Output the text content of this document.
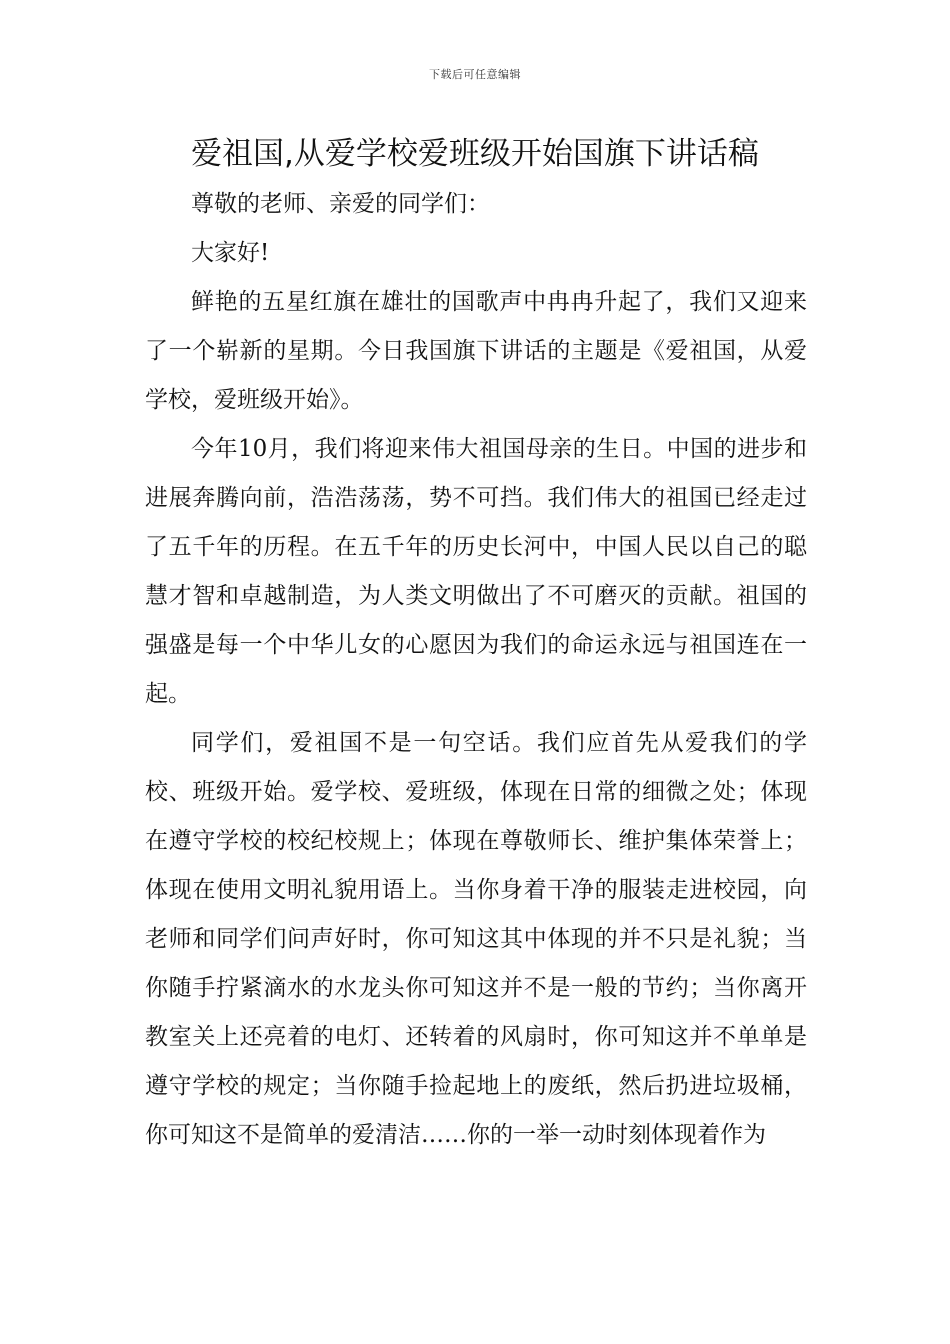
下载后可任意编辑
爱祖国,从爱学校爱班级开始国旗下讲话稿

尊敬的老师、亲爱的同学们：

大家好!

鲜艳的五星红旗在雄壮的国歌声中冉冉升起了，我们又迎来了一个崭新的星期。今日我国旗下讲话的主题是《爱祖国，从爱学校，爱班级开始》。

今年10月，我们将迎来伟大祖国母亲的生日。中国的进步和进展奔腾向前，浩浩荡荡，势不可挡。我们伟大的祖国已经走过了五千年的历程。在五千年的历史长河中，中国人民以自己的聪慧才智和卓越制造，为人类文明做出了不可磨灭的贡献。祖国的强盛是每一个中华儿女的心愿因为我们的命运永远与祖国连在一起。

同学们，爱祖国不是一句空话。我们应首先从爱我们的学校、班级开始。爱学校、爱班级，体现在日常的细微之处；体现在遵守学校的校纪校规上；体现在尊敬师长、维护集体荣誉上；体现在使用文明礼貌用语上。当你身着干净的服装走进校园，向老师和同学们问声好时，你可知这其中体现的并不只是礼貌；当你随手拧紧滴水的水龙头你可知这并不是一般的节约；当你离开教室关上还亮着的电灯、还转着的风扇时，你可知这并不单单是遵守学校的规定；当你随手捡起地上的废纸，然后扔进垃圾桶，你可知这不是简单的爱清洁……你的一举一动时刻体现着作为
